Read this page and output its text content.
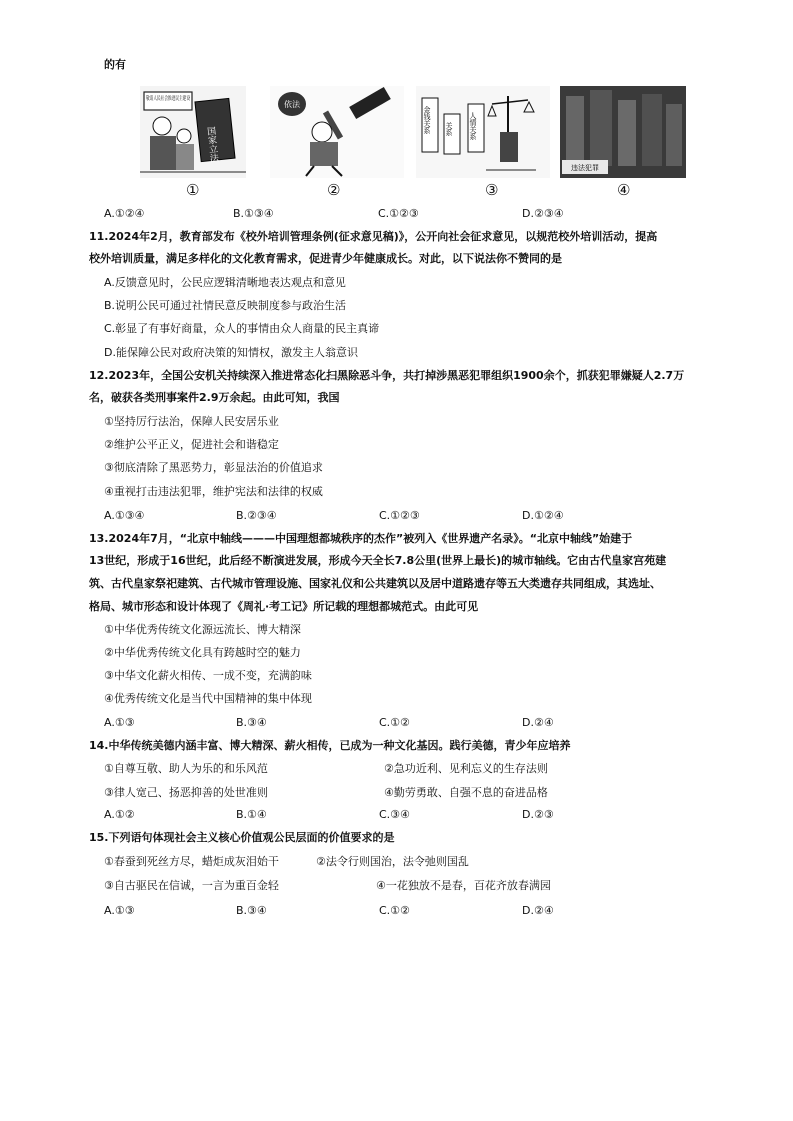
的有
敬请人民社会推进民主建设
国家立法
①
依法
②
金钱关系 关系 人情关系
③
违法犯罪
④
A.①②④	B.①③④	C.①②③	D.②③④
11.2024年2月，教育部发布《校外培训管理条例(征求意见稿)》，公开向社会征求意见，以规范校外培训活动，提高
校外培训质量，满足多样化的文化教育需求，促进青少年健康成长。对此，以下说法你不赞同的是
A.反馈意见时，公民应逻辑清晰地表达观点和意见
B.说明公民可通过社情民意反映制度参与政治生活
C.彰显了有事好商量，众人的事情由众人商量的民主真谛
D.能保障公民对政府决策的知情权，激发主人翁意识
12.2023年，全国公安机关持续深入推进常态化扫黑除恶斗争，共打掉涉黑恶犯罪组织1900余个，抓获犯罪嫌疑人2.7万
名，破获各类刑事案件2.9万余起。由此可知，我国
①坚持厉行法治，保障人民安居乐业
②维护公平正义，促进社会和谐稳定
③彻底清除了黑恶势力，彰显法治的价值追求
④重视打击违法犯罪，维护宪法和法律的权威
A.①③④	B.②③④	C.①②③	D.①②④
13.2024年7月，“北京中轴线———中国理想都城秩序的杰作”被列入《世界遗产名录》。“北京中轴线”始建于
13世纪，形成于16世纪，此后经不断演进发展，形成今天全长7.8公里(世界上最长)的城市轴线。它由古代皇家宫苑建
筑、古代皇家祭祀建筑、古代城市管理设施、国家礼仪和公共建筑以及居中道路遗存等五大类遗存共同组成，其选址、
格局、城市形态和设计体现了《周礼·考工记》所记载的理想都城范式。由此可见
①中华优秀传统文化源远流长、博大精深
②中华优秀传统文化具有跨越时空的魅力
③中华文化薪火相传、一成不变，充满韵味
④优秀传统文化是当代中国精神的集中体现
A.①③	B.③④	C.①②	D.②④
14.中华传统美德内涵丰富、博大精深、薪火相传，已成为一种文化基因。践行美德，青少年应培养
①自尊互敬、助人为乐的和乐风范	②急功近利、见利忘义的生存法则
③律人宽己、扬恶抑善的处世准则	④勤劳勇敢、自强不息的奋进品格
A.①②	B.①④	C.③④	D.②③
15.下列语句体现社会主义核心价值观公民层面的价值要求的是
①春蚕到死丝方尽，蜡炬成灰泪始干	②法令行则国治，法令弛则国乱
③自古驱民在信诚，一言为重百金轻	④一花独放不是春，百花齐放春满园
A.①③	B.③④	C.①②	D.②④
